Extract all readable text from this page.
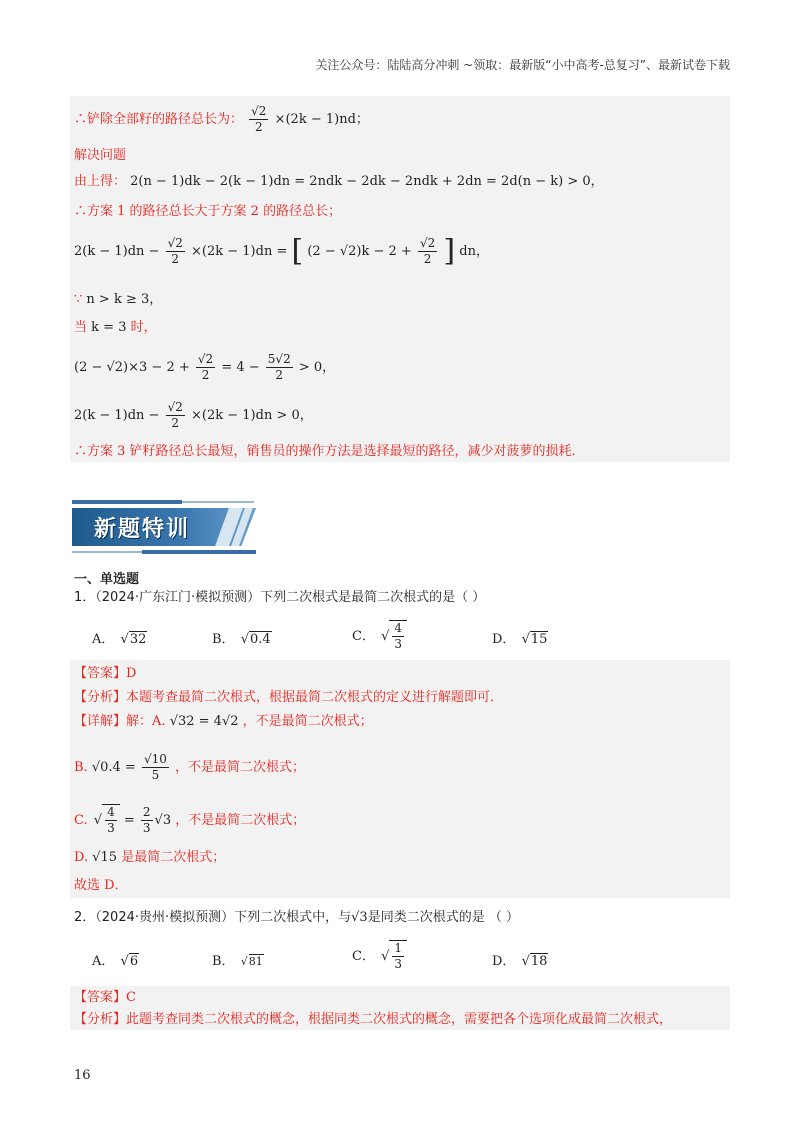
关注公众号：陆陆高分冲刺 ~领取：最新版“小中高考-总复习”、最新试卷下载
∴铲除全部籽的路径总长为： $\frac{√2}{2} \times(2k - 1)nd$；
解决问题
由上得： 2(n − 1)dk − 2(k − 1)dn = 2ndk − 2dk − 2ndk + 2dn = 2d(n − k) > 0，
∴方案 1 的路径总长大于方案 2 的路径总长；
$2(k - 1)dn - \frac{√2}{2} \times(2k - 1)dn$ = [ $(2 - √2)k - 2 + \frac{√2}{2}$ ] dn，
∵ n > k ≥ 3，
当 k = 3 时，
$(2 - √2)\times 3 - 2 + \frac{√2}{2} = 4 - \frac{5√2}{2} > 0$，
$2(k - 1)dn - \frac{√2}{2} \times(2k - 1)dn > 0$，
∴方案 3 铲籽路径总长最短，销售员的操作方法是选择最短的路径，减少对菠萝的损耗．
新题特训
一、单选题
1．（2024·广东江门·模拟预测）下列二次根式是最简二次根式的是（ ）
A． √ 32	B． √ 0.4	C． √ $\frac{4}{3}$	D． √ 15
【答案】D
【分析】本题考查最简二次根式，根据最简二次根式的定义进行解题即可．
【详解】解：A. √32 = 4√2 ，不是最简二次根式；
B. $√0.4 = \frac{√10}{5}$ ，不是最简二次根式；
C. √ $\frac{4}{3} = \frac{2}{3} √3$ ，不是最简二次根式；
D. √15 是最简二次根式；
故选 D．
2．（2024·贵州·模拟预测）下列二次根式中，与√3是同类二次根式的是 （ ）
A． √ 6	B． √ 81	C． √ $\frac{1}{3}$	D． √ 18
【答案】C
【分析】此题考查同类二次根式的概念，根据同类二次根式的概念，需要把各个选项化成最简二次根式，
16
